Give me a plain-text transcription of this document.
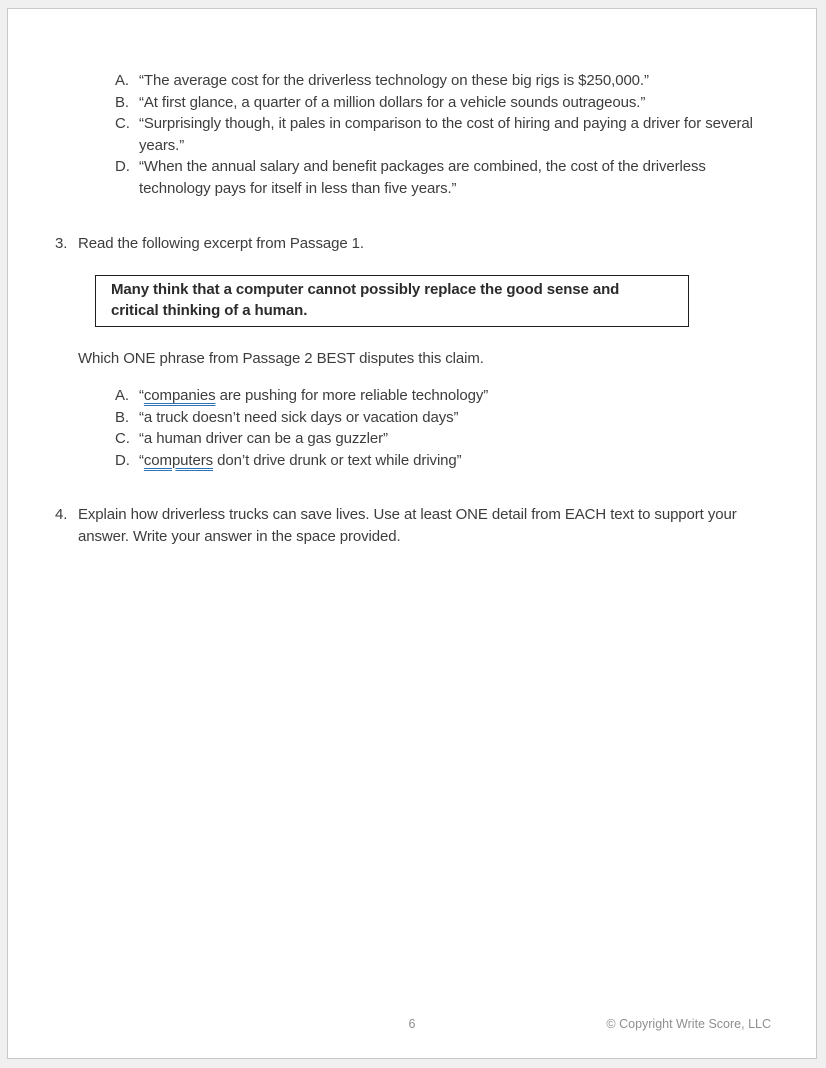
A. “The average cost for the driverless technology on these big rigs is $250,000.”
B. “At first glance, a quarter of a million dollars for a vehicle sounds outrageous.”
C. “Surprisingly though, it pales in comparison to the cost of hiring and paying a driver for several
years.”
D. “When the annual salary and benefit packages are combined, the cost of the driverless
technology pays for itself in less than five years.”
3. Read the following excerpt from Passage 1.
Many think that a computer cannot possibly replace the good sense and
critical thinking of a human.
Which ONE phrase from Passage 2 BEST disputes this claim.
A. “companies are pushing for more reliable technology”
B. “a truck doesn’t need sick days or vacation days”
C. “a human driver can be a gas guzzler”
D. “computers don’t drive drunk or text while driving”
4. Explain how driverless trucks can save lives. Use at least ONE detail from EACH text to support your
answer. Write your answer in the space provided.
6	© Copyright Write Score, LLC
